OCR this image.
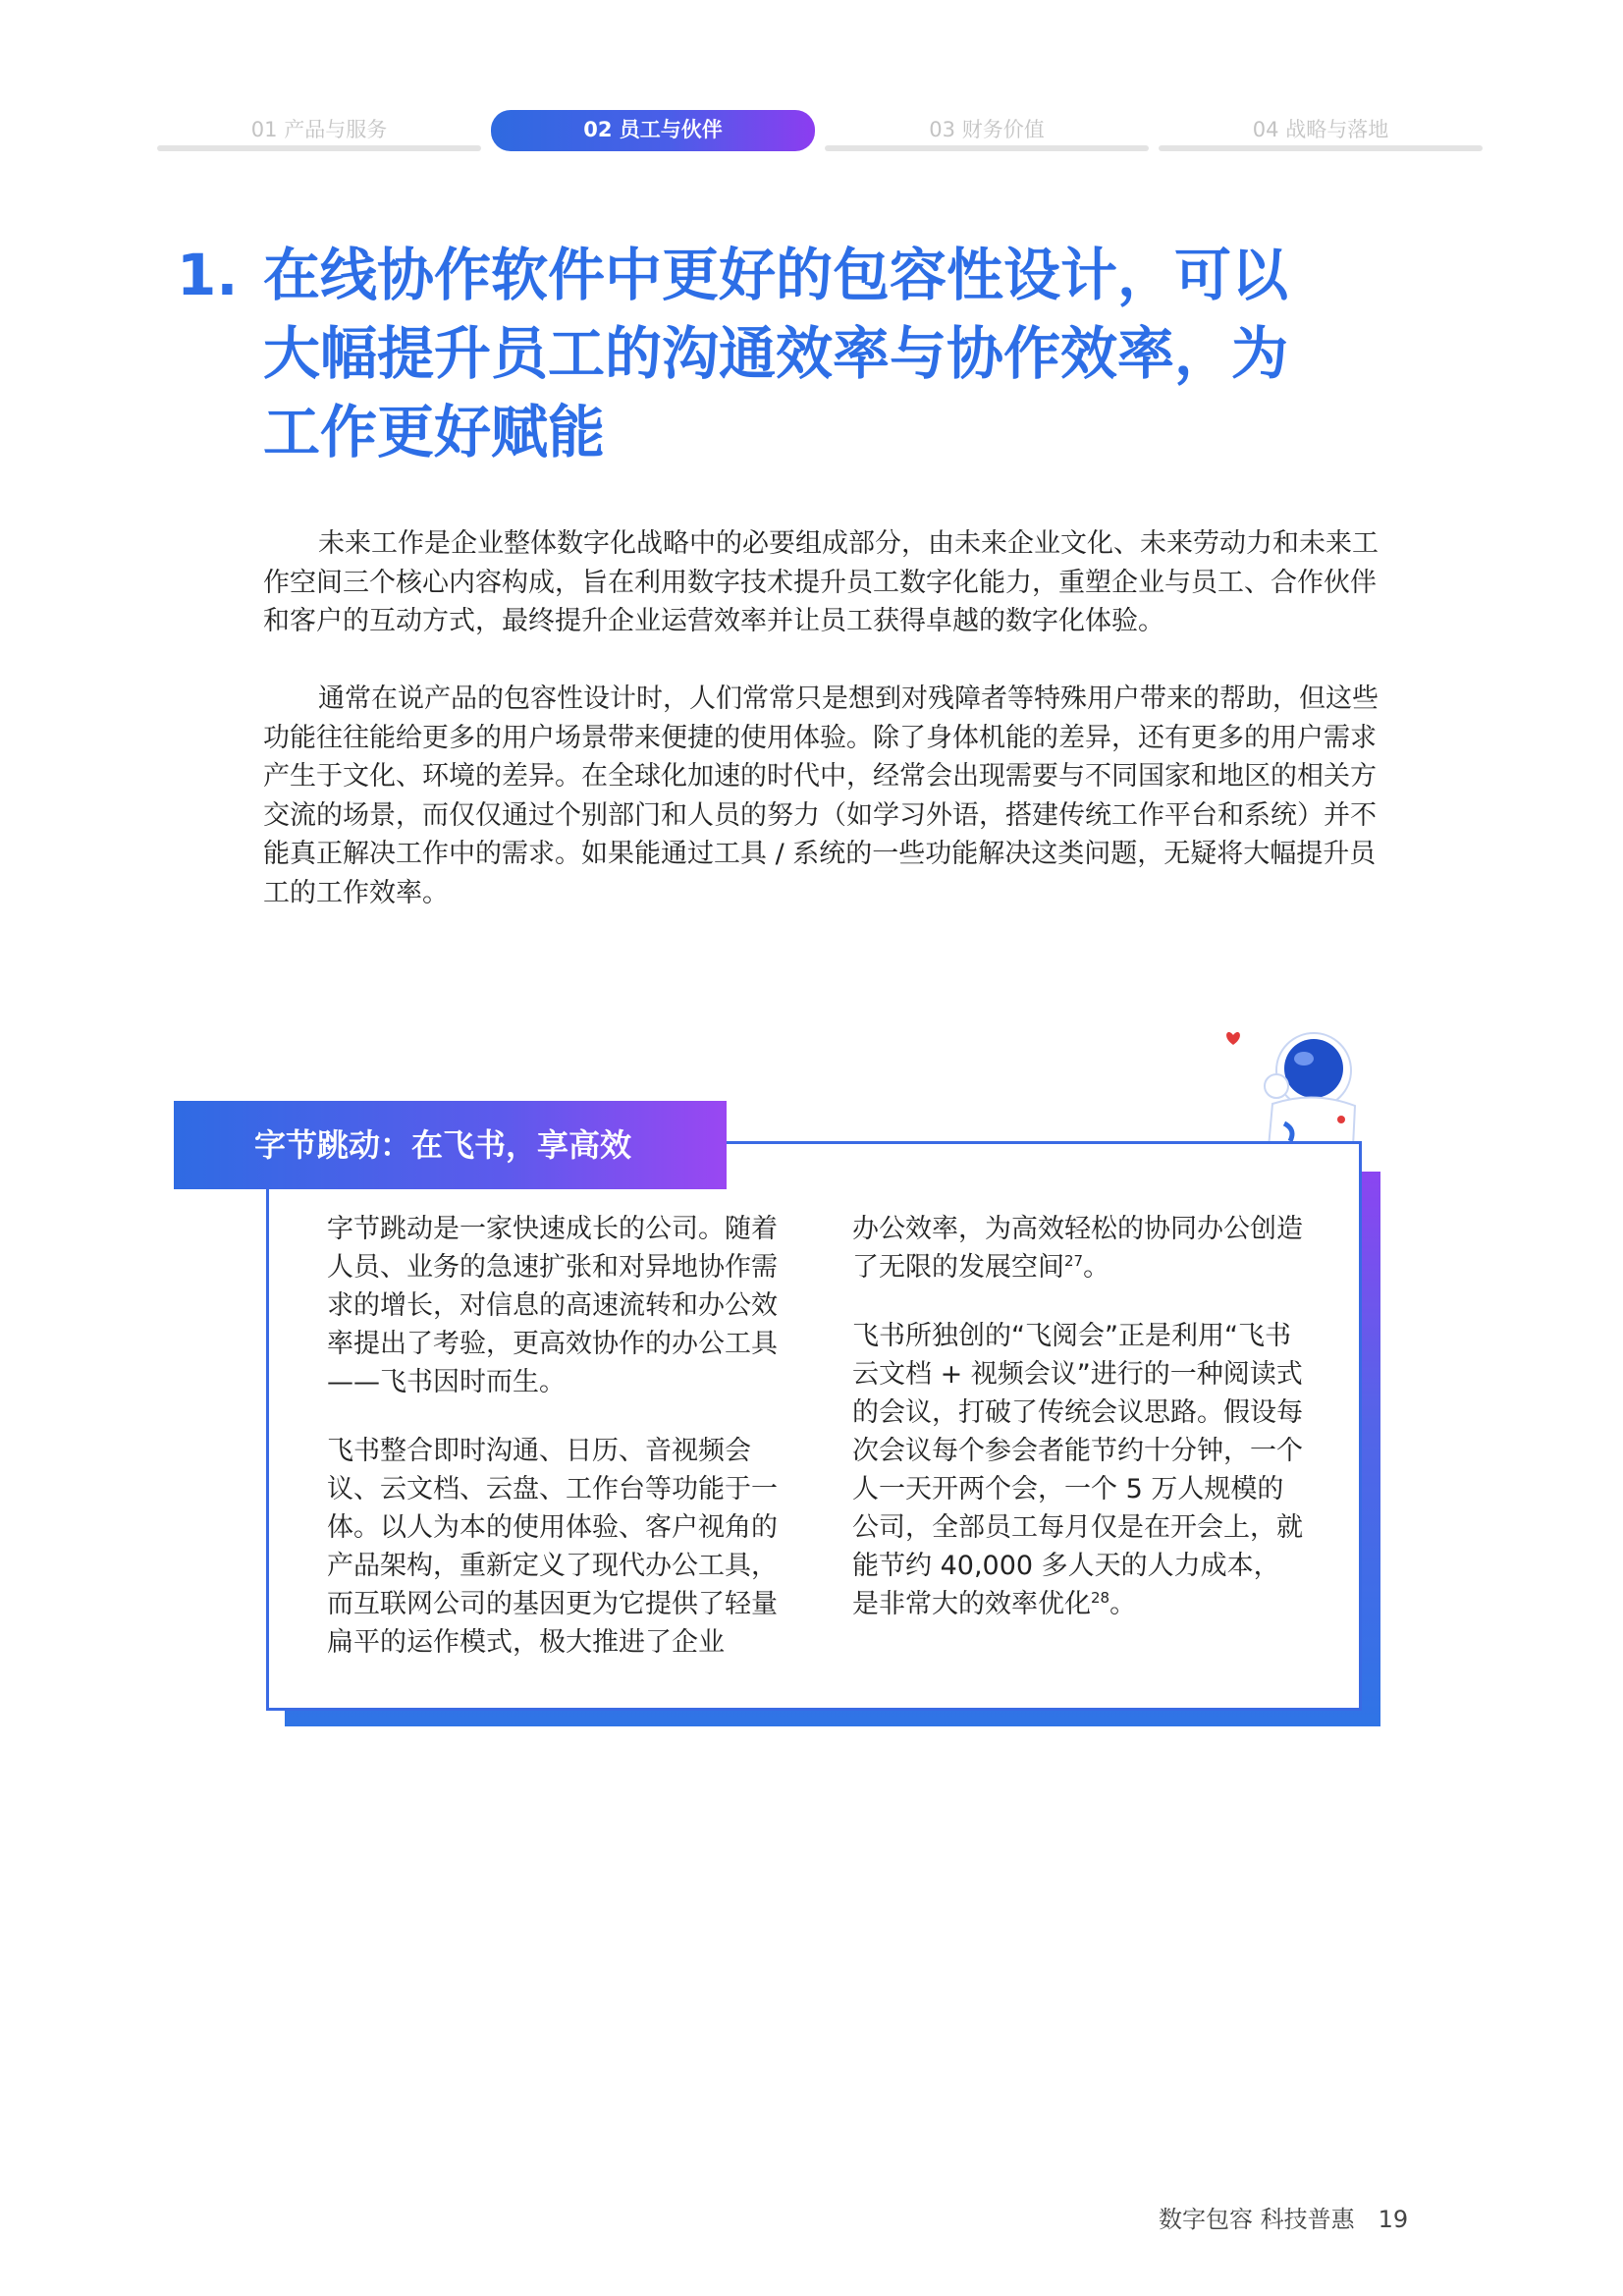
01 产品与服务	02 员工与伙伴	03 财务价值	04 战略与落地
1. 在线协作软件中更好的包容性设计，可以
大幅提升员工的沟通效率与协作效率，为
工作更好赋能

未来工作是企业整体数字化战略中的必要组成部分，由未来企业文化、未来劳动力和未来工作空间三个核心内容构成，旨在利用数字技术提升员工数字化能力，重塑企业与员工、合作伙伴和客户的互动方式，最终提升企业运营效率并让员工获得卓越的数字化体验。

通常在说产品的包容性设计时，人们常常只是想到对残障者等特殊用户带来的帮助，但这些功能往往能给更多的用户场景带来便捷的使用体验。除了身体机能的差异，还有更多的用户需求产生于文化、环境的差异。在全球化加速的时代中，经常会出现需要与不同国家和地区的相关方交流的场景，而仅仅通过个别部门和人员的努力（如学习外语，搭建传统工作平台和系统）并不能真正解决工作中的需求。如果能通过工具 / 系统的一些功能解决这类问题，无疑将大幅提升员工的工作效率。

字节跳动：在飞书，享高效

字节跳动是一家快速成长的公司。随着人员、业务的急速扩张和对异地协作需求的增长，对信息的高速流转和办公效率提出了考验，更高效协作的办公工具——飞书因时而生。

飞书整合即时沟通、日历、音视频会议、云文档、云盘、工作台等功能于一体。以人为本的使用体验、客户视角的产品架构，重新定义了现代办公工具，而互联网公司的基因更为它提供了轻量扁平的运作模式，极大推进了企业

办公效率，为高效轻松的协同办公创造了无限的发展空间$^{27}$。

飞书所独创的“飞阅会”正是利用“飞书云文档 + 视频会议”进行的一种阅读式的会议，打破了传统会议思路。假设每次会议每个参会者能节约十分钟，一个人一天开两个会，一个 5 万人规模的公司，全部员工每月仅是在开会上，就能节约 40,000 多人天的人力成本，是非常大的效率优化$^{28}$。

数字包容 科技普惠 19
